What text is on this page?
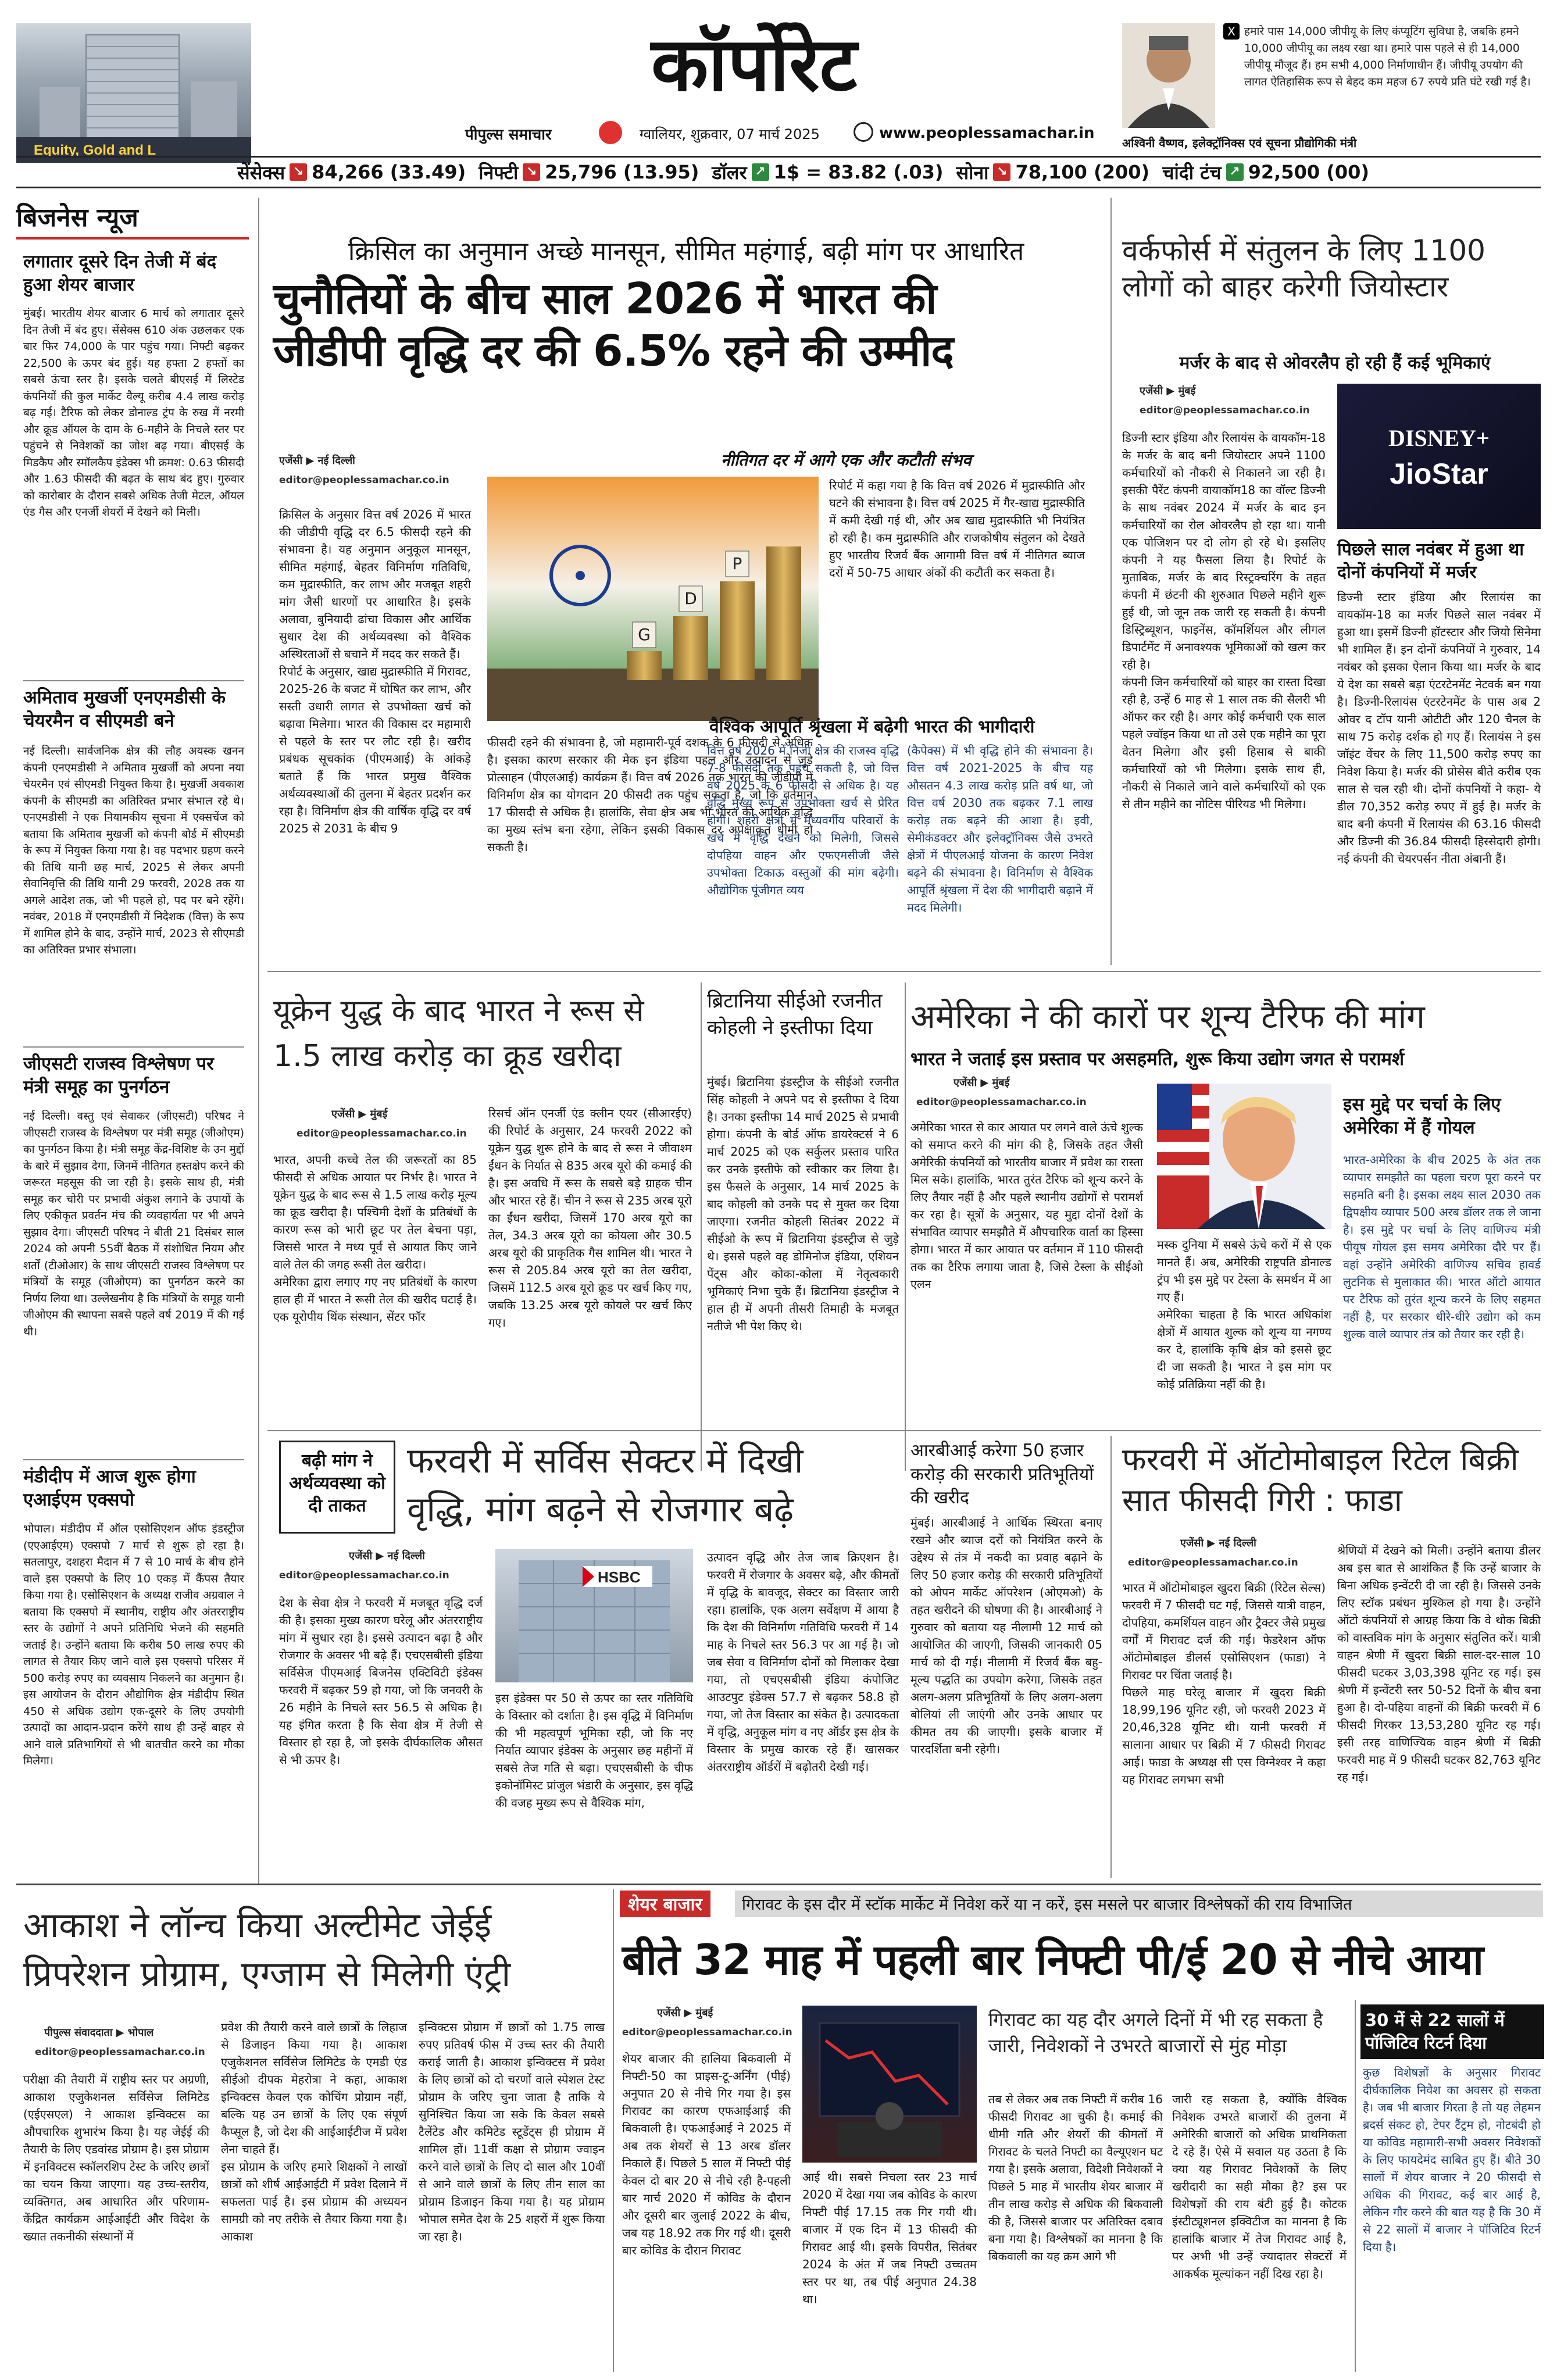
Equity, Gold and L
कॉर्पोरेट
पीपुल्स समाचार	ग्वालियर, शुक्रवार, 07 मार्च 2025	www.peoplessamachar.in
X हमारे पास 14,000 जीपीयू के लिए कंप्यूटिंग सुविधा है, जबकि हमने 10,000 जीपीयू का लक्ष्य रखा था। हमारे पास पहले से ही 14,000 जीपीयू मौजूद हैं। हम सभी 4,000 निर्माणाधीन हैं। जीपीयू उपयोग की लागत ऐतिहासिक रूप से बेहद कम महज 67 रुपये प्रति घंटे रखी गई है।
अश्विनी वैष्णव, इलेक्ट्रॉनिक्स एवं सूचना प्रौद्योगिकी मंत्री
सेंसेक्स ↘ 84,266 (33.49) निफ्टी ↘ 25,796 (13.95) डॉलर ↗ 1$ = 83.82 (.03) सोना ↘ 78,100 (200) चांदी टंच ↗ 92,500 (00)
बिजनेस न्यूज
लगातार दूसरे दिन तेजी में बंद हुआ शेयर बाजार
मुंबई। भारतीय शेयर बाजार 6 मार्च को लगातार दूसरे दिन तेजी में बंद हुए। सेंसेक्स 610 अंक उछलकर एक बार फिर 74,000 के पार पहुंच गया। निफ्टी बढ़कर 22,500 के ऊपर बंद हुई। यह हफ्ता 2 हफ्तों का सबसे ऊंचा स्तर है। इसके चलते बीएसई में लिस्टेड कंपनियों की कुल मार्केट वैल्यू करीब 4.4 लाख करोड़ बढ़ गई। टैरिफ को लेकर डोनाल्ड ट्रंप के रुख में नरमी और क्रूड ऑयल के दाम के 6-महीने के निचले स्तर पर पहुंचने से निवेशकों का जोश बढ़ गया। बीएसई के मिडकैप और स्मॉलकैप इंडेक्स भी क्रमश: 0.63 फीसदी और 1.63 फीसदी की बढ़त के साथ बंद हुए। गुरुवार को कारोबार के दौरान सबसे अधिक तेजी मेटल, ऑयल एंड गैस और एनर्जी शेयरों में देखने को मिली।
अमिताव मुखर्जी एनएमडीसी के चेयरमैन व सीएमडी बने
नई दिल्ली। सार्वजनिक क्षेत्र की लौह अयस्क खनन कंपनी एनएमडीसी ने अमिताव मुखर्जी को अपना नया चेयरमैन एवं सीएमडी नियुक्त किया है। मुखर्जी अवकाश कंपनी के सीएमडी का अतिरिक्त प्रभार संभाल रहे थे। एनएमडीसी ने एक नियामकीय सूचना में एक्सचेंज को बताया कि अमिताव मुखर्जी को कंपनी बोर्ड में सीएमडी के रूप में नियुक्त किया गया है। वह पदभार ग्रहण करने की तिथि यानी छह मार्च, 2025 से लेकर अपनी सेवानिवृत्ति की तिथि यानी 29 फरवरी, 2028 तक या अगले आदेश तक, जो भी पहले हो, पद पर बने रहेंगे। नवंबर, 2018 में एनएमडीसी में निदेशक (वित्त) के रूप में शामिल होने के बाद, उन्होंने मार्च, 2023 से सीएमडी का अतिरिक्त प्रभार संभाला।
जीएसटी राजस्व विश्लेषण पर मंत्री समूह का पुनर्गठन
नई दिल्ली। वस्तु एवं सेवाकर (जीएसटी) परिषद ने जीएसटी राजस्व के विश्लेषण पर मंत्री समूह (जीओएम) का पुनर्गठन किया है। मंत्री समूह केंद्र-विशिष्ट के उन मुद्दों के बारे में सुझाव देगा, जिनमें नीतिगत हस्तक्षेप करने की जरूरत महसूस की जा रही है। इसके साथ ही, मंत्री समूह कर चोरी पर प्रभावी अंकुश लगाने के उपायों के लिए एकीकृत प्रवर्तन मंच की व्यवहार्यता पर भी अपने सुझाव देगा। जीएसटी परिषद ने बीती 21 दिसंबर साल 2024 को अपनी 55वीं बैठक में संशोधित नियम और शर्तों (टीओआर) के साथ जीएसटी राजस्व विश्लेषण पर मंत्रियों के समूह (जीओएम) का पुनर्गठन करने का निर्णय लिया था। उल्लेखनीय है कि मंत्रियों के समूह यानी जीओएम की स्थापना सबसे पहले वर्ष 2019 में की गई थी।
मंडीदीप में आज शुरू होगा एआईएम एक्सपो
भोपाल। मंडीदीप में ऑल एसोसिएशन ऑफ इंडस्ट्रीज (एएआईएम) एक्सपो 7 मार्च से शुरू हो रहा है। सतलापुर, दशहरा मैदान में 7 से 10 मार्च के बीच होने वाले इस एक्सपो के लिए 10 एकड़ में कैंपस तैयार किया गया है। एसोसिएशन के अध्यक्ष राजीव अग्रवाल ने बताया कि एक्सपो में स्थानीय, राष्ट्रीय और अंतरराष्ट्रीय स्तर के उद्योगों ने अपने प्रतिनिधि भेजने की सहमति जताई है। उन्होंने बताया कि करीब 50 लाख रुपए की लागत से तैयार किए जाने वाले इस एक्सपो परिसर में 500 करोड़ रुपए का व्यवसाय निकलने का अनुमान है। इस आयोजन के दौरान औद्योगिक क्षेत्र मंडीदीप स्थित 450 से अधिक उद्योग एक-दूसरे के लिए उपयोगी उत्पादों का आदान-प्रदान करेंगे साथ ही उन्हें बाहर से आने वाले प्रतिभागियों से भी बातचीत करने का मौका मिलेगा।
क्रिसिल का अनुमान अच्छे मानसून, सीमित महंगाई, बढ़ी मांग पर आधारित
चुनौतियों के बीच साल 2026 में भारत की
जीडीपी वृद्धि दर की 6.5% रहने की उम्मीद
एजेंसी ▶ नई दिल्ली
editor@peoplessamachar.co.in
क्रिसिल के अनुसार वित्त वर्ष 2026 में भारत की जीडीपी वृद्धि दर 6.5 फीसदी रहने की संभावना है। यह अनुमान अनुकूल मानसून, सीमित महंगाई, बेहतर विनिर्माण गतिविधि, कम मुद्रास्फीति, कर लाभ और मजबूत शहरी मांग जैसी धारणों पर आधारित है। इसके अलावा, बुनियादी ढांचा विकास और आर्थिक सुधार देश की अर्थव्यवस्था को वैश्विक अस्थिरताओं से बचाने में मदद कर सकते हैं।
रिपोर्ट के अनुसार, खाद्य मुद्रास्फीति में गिरावट, 2025-26 के बजट में घोषित कर लाभ, और सस्ती उधारी लागत से उपभोक्ता खर्च को बढ़ावा मिलेगा। भारत की विकास दर महामारी से पहले के स्तर पर लौट रही है। खरीद प्रबंधक सूचकांक (पीएमआई) के आंकड़े बताते हैं कि भारत प्रमुख वैश्विक अर्थव्यवस्थाओं की तुलना में बेहतर प्रदर्शन कर रहा है। विनिर्माण क्षेत्र की वार्षिक वृद्धि दर वर्ष 2025 से 2031 के बीच 9
नीतिगत दर में आगे एक और कटौती संभव
G
D
P
फीसदी रहने की संभावना है, जो महामारी-पूर्व दशक के 6 फीसदी से अधिक है। इसका कारण सरकार की मेक इन इंडिया पहल और उत्पादन से जुड़े प्रोत्साहन (पीएलआई) कार्यक्रम हैं। वित्त वर्ष 2026 तक भारत की जीडीपी में विनिर्माण क्षेत्र का योगदान 20 फीसदी तक पहुंच सकता है, जो कि वर्तमान 17 फीसदी से अधिक है। हालांकि, सेवा क्षेत्र अब भी भारत की आर्थिक वृद्धि का मुख्य स्तंभ बना रहेगा, लेकिन इसकी विकास दर अपेक्षाकृत धीमी हो सकती है।
रिपोर्ट में कहा गया है कि वित्त वर्ष 2026 में मुद्रास्फीति और घटने की संभावना है। वित्त वर्ष 2025 में गैर-खाद्य मुद्रास्फीति में कमी देखी गई थी, और अब खाद्य मुद्रास्फीति भी नियंत्रित हो रही है। कम मुद्रास्फीति और राजकोषीय संतुलन को देखते हुए भारतीय रिजर्व बैंक आगामी वित्त वर्ष में नीतिगत ब्याज दरों में 50-75 आधार अंकों की कटौती कर सकता है।
वैश्विक आपूर्ति श्रृंखला में बढ़ेगी भारत की भागीदारी
वित्त वर्ष 2026 में निजी क्षेत्र की राजस्व वृद्धि 7-8 फीसदी तक पहुंच सकती है, जो वित्त वर्ष 2025 के 6 फीसदी से अधिक है। यह वृद्धि मुख्य रूप से उपभोक्ता खर्च से प्रेरित होगी। शहरी क्षेत्रों में मध्यवर्गीय परिवारों के खर्च में वृद्धि देखने को मिलेगी, जिससे दोपहिया वाहन और एफएमसीजी जैसे उपभोक्ता टिकाऊ वस्तुओं की मांग बढ़ेगी। औद्योगिक पूंजीगत व्यय
(कैपेक्स) में भी वृद्धि होने की संभावना है। वित्त वर्ष 2021-2025 के बीच यह औसतन 4.3 लाख करोड़ प्रति वर्ष था, जो वित्त वर्ष 2030 तक बढ़कर 7.1 लाख करोड़ तक बढ़ने की आशा है। इवी, सेमीकंडक्टर और इलेक्ट्रॉनिक्स जैसे उभरते क्षेत्रों में पीएलआई योजना के कारण निवेश बढ़ने की संभावना है। विनिर्माण से वैश्विक आपूर्ति श्रृंखला में देश की भागीदारी बढ़ाने में मदद मिलेगी।
वर्कफोर्स में संतुलन के लिए 1100 लोगों को बाहर करेगी जियोस्टार
मर्जर के बाद से ओवरलैप हो रही हैं कई भूमिकाएं
एजेंसी ▶ मुंबई
editor@peoplessamachar.co.in
डिज्नी स्टार इंडिया और रिलायंस के वायकॉम-18 के मर्जर के बाद बनी जियोस्टार अपने 1100 कर्मचारियों को नौकरी से निकालने जा रही है। इसकी पैरेंट कंपनी वायाकॉम18 का वॉल्ट डिज्नी के साथ नवंबर 2024 में मर्जर के बाद इन कर्मचारियों का रोल ओवरलैप हो रहा था। यानी एक पोजिशन पर दो लोग हो रहे थे। इसलिए कंपनी ने यह फैसला लिया है। रिपोर्ट के मुताबिक, मर्जर के बाद रिस्ट्रक्चरिंग के तहत कंपनी में छंटनी की शुरुआत पिछले महीने शुरू हुई थी, जो जून तक जारी रह सकती है। कंपनी डिस्ट्रिब्यूशन, फाइनेंस, कॉमर्शियल और लीगल डिपार्टमेंट में अनावश्यक भूमिकाओं को खत्म कर रही है।
कंपनी जिन कर्मचारियों को बाहर का रास्ता दिखा रही है, उन्हें 6 माह से 1 साल तक की सैलरी भी ऑफर कर रही है। अगर कोई कर्मचारी एक साल पहले ज्वॉइन किया था तो उसे एक महीने का पूरा वेतन मिलेगा और इसी हिसाब से बाकी कर्मचारियों को भी मिलेगा। इसके साथ ही, नौकरी से निकाले जाने वाले कर्मचारियों को एक से तीन महीने का नोटिस पीरियड भी मिलेगा।
DISNEY+
JioStar
पिछले साल नवंबर में हुआ था दोनों कंपनियों में मर्जर
डिज्नी स्टार इंडिया और रिलायंस का वायकॉम-18 का मर्जर पिछले साल नवंबर में हुआ था। इसमें डिज्नी हॉटस्टार और जियो सिनेमा भी शामिल हैं। इन दोनों कंपनियों ने गुरुवार, 14 नवंबर को इसका ऐलान किया था। मर्जर के बाद ये देश का सबसे बड़ा एंटरटेनमेंट नेटवर्क बन गया है। डिज्नी-रिलायंस एंटरटेनमेंट के पास अब 2 ओवर द टॉप यानी ओटीटी और 120 चैनल के साथ 75 करोड़ दर्शक हो गए हैं। रिलायंस ने इस जॉइंट वेंचर के लिए 11,500 करोड़ रुपए का निवेश किया है। मर्जर की प्रोसेस बीते करीब एक साल से चल रही थी। दोनों कंपनियों ने कहा- ये डील 70,352 करोड़ रुपए में हुई है। मर्जर के बाद बनी कंपनी में रिलायंस की 63.16 फीसदी और डिज्नी की 36.84 फीसदी हिस्सेदारी होगी। नई कंपनी की चेयरपर्सन नीता अंबानी हैं।
यूक्रेन युद्ध के बाद भारत ने रूस से 1.5 लाख करोड़ का क्रूड खरीदा
एजेंसी ▶ मुंबई
editor@peoplessamachar.co.in
भारत, अपनी कच्चे तेल की जरूरतों का 85 फीसदी से अधिक आयात पर निर्भर है। भारत ने यूक्रेन युद्ध के बाद रूस से 1.5 लाख करोड़ मूल्य का क्रूड खरीदा है। पश्चिमी देशों के प्रतिबंधों के कारण रूस को भारी छूट पर तेल बेचना पड़ा, जिससे भारत ने मध्य पूर्व से आयात किए जाने वाले तेल की जगह रूसी तेल खरीदा।
अमेरिका द्वारा लगाए गए नए प्रतिबंधों के कारण हाल ही में भारत ने रूसी तेल की खरीद घटाई है। एक यूरोपीय थिंक संस्थान, सेंटर फॉर
रिसर्च ऑन एनर्जी एंड क्लीन एयर (सीआरईए) की रिपोर्ट के अनुसार, 24 फरवरी 2022 को यूक्रेन युद्ध शुरू होने के बाद से रूस ने जीवाश्म ईंधन के निर्यात से 835 अरब यूरो की कमाई की है। इस अवधि में रूस के सबसे बड़े ग्राहक चीन और भारत रहे हैं। चीन ने रूस से 235 अरब यूरो का ईंधन खरीदा, जिसमें 170 अरब यूरो का तेल, 34.3 अरब यूरो का कोयला और 30.5 अरब यूरो की प्राकृतिक गैस शामिल थी। भारत ने रूस से 205.84 अरब यूरो का तेल खरीदा, जिसमें 112.5 अरब यूरो क्रूड पर खर्च किए गए, जबकि 13.25 अरब यूरो कोयले पर खर्च किए गए।
ब्रिटानिया सीईओ रजनीत कोहली ने इस्तीफा दिया
मुंबई। ब्रिटानिया इंडस्ट्रीज के सीईओ रजनीत सिंह कोहली ने अपने पद से इस्तीफा दे दिया है। उनका इस्तीफा 14 मार्च 2025 से प्रभावी होगा। कंपनी के बोर्ड ऑफ डायरेक्टर्स ने 6 मार्च 2025 को एक सर्कुलर प्रस्ताव पारित कर उनके इस्तीफे को स्वीकार कर लिया है। इस फैसले के अनुसार, 14 मार्च 2025 के बाद कोहली को उनके पद से मुक्त कर दिया जाएगा। रजनीत कोहली सितंबर 2022 में सीईओ के रूप में ब्रिटानिया इंडस्ट्रीज से जुड़े थे। इससे पहले वह डोमिनोज इंडिया, एशियन पेंट्स और कोका-कोला में नेतृत्वकारी भूमिकाएं निभा चुके हैं। ब्रिटानिया इंडस्ट्रीज ने हाल ही में अपनी तीसरी तिमाही के मजबूत नतीजे भी पेश किए थे।
अमेरिका ने की कारों पर शून्य टैरिफ की मांग
भारत ने जताई इस प्रस्ताव पर असहमति, शुरू किया उद्योग जगत से परामर्श
एजेंसी ▶ मुंबई
editor@peoplessamachar.co.in
अमेरिका भारत से कार आयात पर लगने वाले ऊंचे शुल्क को समाप्त करने की मांग की है, जिसके तहत जैसी अमेरिकी कंपनियों को भारतीय बाजार में प्रवेश का रास्ता मिल सके। हालांकि, भारत तुरंत टैरिफ को शून्य करने के लिए तैयार नहीं है और पहले स्थानीय उद्योगों से परामर्श कर रहा है। सूत्रों के अनुसार, यह मुद्दा दोनों देशों के संभावित व्यापार समझौते में औपचारिक वार्ता का हिस्सा होगा। भारत में कार आयात पर वर्तमान में 110 फीसदी तक का टैरिफ लगाया जाता है, जिसे टेस्ला के सीईओ एलन
मस्क दुनिया में सबसे ऊंचे करों में से एक मानते हैं। अब, अमेरिकी राष्ट्रपति डोनाल्ड ट्रंप भी इस मुद्दे पर टेस्ला के समर्थन में आ गए हैं।
अमेरिका चाहता है कि भारत अधिकांश क्षेत्रों में आयात शुल्क को शून्य या नगण्य कर दे, हालांकि कृषि क्षेत्र को इससे छूट दी जा सकती है। भारत ने इस मांग पर कोई प्रतिक्रिया नहीं की है।
इस मुद्दे पर चर्चा के लिए अमेरिका में हैं गोयल
भारत-अमेरिका के बीच 2025 के अंत तक व्यापार समझौते का पहला चरण पूरा करने पर सहमति बनी है। इसका लक्ष्य साल 2030 तक द्विपक्षीय व्यापार 500 अरब डॉलर तक ले जाना है। इस मुद्दे पर चर्चा के लिए वाणिज्य मंत्री पीयूष गोयल इस समय अमेरिका दौरे पर हैं। वहां उन्होंने अमेरिकी वाणिज्य सचिव हावर्ड लुटनिक से मुलाकात की। भारत ऑटो आयात पर टैरिफ को तुरंत शून्य करने के लिए सहमत नहीं है, पर सरकार धीरे-धीरे उद्योग को कम शुल्क वाले व्यापार तंत्र को तैयार कर रही है।
बढ़ी मांग ने अर्थव्यवस्था को दी ताकत
फरवरी में सर्विस सेक्टर में दिखी
वृद्धि, मांग बढ़ने से रोजगार बढ़े
एजेंसी ▶ नई दिल्ली
editor@peoplessamachar.co.in
देश के सेवा क्षेत्र ने फरवरी में मजबूत वृद्धि दर्ज की है। इसका मुख्य कारण घरेलू और अंतरराष्ट्रीय मांग में सुधार रहा है। इससे उत्पादन बढ़ा है और रोजगार के अवसर भी बढ़े हैं। एचएसबीसी इंडिया सर्विसेज पीएमआई बिजनेस एक्टिविटी इंडेक्स फरवरी में बढ़कर 59 हो गया, जो कि जनवरी के 26 महीने के निचले स्तर 56.5 से अधिक है। यह इंगित करता है कि सेवा क्षेत्र में तेजी से विस्तार हो रहा है, जो इसके दीर्घकालिक औसत से भी ऊपर है।
HSBC
इस इंडेक्स पर 50 से ऊपर का स्तर गतिविधि के विस्तार को दर्शाता है। इस वृद्धि में विनिर्माण की भी महत्वपूर्ण भूमिका रही, जो कि नए निर्यात व्यापार इंडेक्स के अनुसार छह महीनों में सबसे तेज गति से बढ़ा। एचएसबीसी के चीफ इकोनॉमिस्ट प्रांजुल भंडारी के अनुसार, इस वृद्धि की वजह मुख्य रूप से वैश्विक मांग,
उत्पादन वृद्धि और तेज जाब क्रिएशन है। फरवरी में रोजगार के अवसर बढ़े, और कीमतों में वृद्धि के बावजूद, सेक्टर का विस्तार जारी रहा। हालांकि, एक अलग सर्वेक्षण में आया है कि देश की विनिर्माण गतिविधि फरवरी में 14 माह के निचले स्तर 56.3 पर आ गई है। जो जब सेवा व विनिर्माण दोनों को मिलाकर देखा गया, तो एचएसबीसी इंडिया कंपोजिट आउटपुट इंडेक्स 57.7 से बढ़कर 58.8 हो गया, जो तेज विस्तार का संकेत है। उत्पादकता में वृद्धि, अनुकूल मांग व नए ऑर्डर इस क्षेत्र के विस्तार के प्रमुख कारक रहे हैं। खासकर अंतरराष्ट्रीय ऑर्डरों में बढ़ोतरी देखी गई।
आरबीआई करेगा 50 हजार करोड़ की सरकारी प्रतिभूतियों की खरीद
मुंबई। आरबीआई ने आर्थिक स्थिरता बनाए रखने और ब्याज दरों को नियंत्रित करने के उद्देश्य से तंत्र में नकदी का प्रवाह बढ़ाने के लिए 50 हजार करोड़ की सरकारी प्रतिभूतियों को ओपन मार्केट ऑपरेशन (ओएमओ) के तहत खरीदने की घोषणा की है। आरबीआई ने गुरुवार को बताया यह नीलामी 12 मार्च को आयोजित की जाएगी, जिसकी जानकारी 05 मार्च को दी गई। नीलामी में रिजर्व बैंक बहु-मूल्य पद्धति का उपयोग करेगा, जिसके तहत अलग-अलग प्रतिभूतियों के लिए अलग-अलग बोलियां ली जाएंगी और उनके आधार पर कीमत तय की जाएगी। इसके बाजार में पारदर्शिता बनी रहेगी।
फरवरी में ऑटोमोबाइल रिटेल बिक्री सात फीसदी गिरी : फाडा
एजेंसी ▶ नई दिल्ली
editor@peoplessamachar.co.in
भारत में ऑटोमोबाइल खुदरा बिक्री (रिटेल सेल्स) फरवरी में 7 फीसदी घट गई, जिससे यात्री वाहन, दोपहिया, कमर्शियल वाहन और ट्रैक्टर जैसे प्रमुख वर्गों में गिरावट दर्ज की गई। फेडरेशन ऑफ ऑटोमोबाइल डीलर्स एसोसिएशन (फाडा) ने गिरावट पर चिंता जताई है।
पिछले माह घरेलू बाजार में खुदरा बिक्री 18,99,196 यूनिट रही, जो फरवरी 2023 में 20,46,328 यूनिट थी। यानी फरवरी में सालाना आधार पर बिक्री में 7 फीसदी गिरावट आई। फाडा के अध्यक्ष सी एस विग्नेश्वर ने कहा यह गिरावट लगभग सभी
श्रेणियों में देखने को मिली। उन्होंने बताया डीलर अब इस बात से आशंकित हैं कि उन्हें बाजार के बिना अधिक इन्वेंटरी दी जा रही है। जिससे उनके लिए स्टॉक प्रबंधन मुश्किल हो गया है। उन्होंने ऑटो कंपनियों से आग्रह किया कि वे थोक बिक्री को वास्तविक मांग के अनुसार संतुलित करें। यात्री वाहन श्रेणी में खुदरा बिक्री साल-दर-साल 10 फीसदी घटकर 3,03,398 यूनिट रह गई। इस श्रेणी में इन्वेंटरी स्तर 50-52 दिनों के बीच बना हुआ है। दो-पहिया वाहनों की बिक्री फरवरी में 6 फीसदी गिरकर 13,53,280 यूनिट रह गई। इसी तरह वाणिज्यिक वाहन श्रेणी में बिक्री फरवरी माह में 9 फीसदी घटकर 82,763 यूनिट रह गई।
आकाश ने लॉन्च किया अल्टीमेट जेईई प्रिपरेशन प्रोग्राम, एग्जाम से मिलेगी एंट्री
पीपुल्स संवाददाता ▶ भोपाल
editor@peoplessamachar.co.in
परीक्षा की तैयारी में राष्ट्रीय स्तर पर अग्रणी, आकाश एजुकेशनल सर्विसेज लिमिटेड (एईएसएल) ने आकाश इन्विक्टस का औपचारिक शुभारंभ किया है। यह जेईई की तैयारी के लिए एडवांस्ड प्रोग्राम है। इस प्रोग्राम में इनविक्टस स्कॉलरशिप टेस्ट के जरिए छात्रों का चयन किया जाएगा। यह उच्च-स्तरीय, व्यक्तिगत, अब आधारित और परिणाम-केंद्रित कार्यक्रम आईआईटी और विदेश के ख्यात तकनीकी संस्थानों में
प्रवेश की तैयारी करने वाले छात्रों के लिहाज से डिजाइन किया गया है। आकाश एजुकेशनल सर्विसेज लिमिटेड के एमडी एंड सीईओ दीपक मेहरोत्रा ने कहा, आकाश इन्विक्टस केवल एक कोचिंग प्रोग्राम नहीं, बल्कि यह उन छात्रों के लिए एक संपूर्ण कैप्सूल है, जो देश की आईआईटीज में प्रवेश लेना चाहते हैं।
इस प्रोग्राम के जरिए हमारे शिक्षकों ने लाखों छात्रों को शीर्ष आईआईटी में प्रवेश दिलाने में सफलता पाई है। इस प्रोग्राम की अध्ययन सामग्री को नए तरीके से तैयार किया गया है। आकाश
इन्विक्टस प्रोग्राम में छात्रों को 1.75 लाख रुपए प्रतिवर्ष फीस में उच्च स्तर की तैयारी कराई जाती है। आकाश इन्विक्टस में प्रवेश के लिए छात्रों को दो चरणों वाले स्पेशल टेस्ट प्रोग्राम के जरिए चुना जाता है ताकि ये सुनिश्चित किया जा सके कि केवल सबसे टैलेंटेड और कमिटेड स्टूडेंट्स ही प्रोग्राम में शामिल हों। 11वीं कक्षा से प्रोग्राम ज्वाइन करने वाले छात्रों के लिए दो साल और 10वीं से आने वाले छात्रों के लिए तीन साल का प्रोग्राम डिजाइन किया गया है। यह प्रोग्राम भोपाल समेत देश के 25 शहरों में शुरू किया जा रहा है।
शेयर बाजार	गिरावट के इस दौर में स्टॉक मार्केट में निवेश करें या न करें, इस मसले पर बाजार विश्लेषकों की राय विभाजित
बीते 32 माह में पहली बार निफ्टी पी/ई 20 से नीचे आया
एजेंसी ▶ मुंबई
editor@peoplessamachar.co.in
शेयर बाजार की हालिया बिकवाली में निफ्टी-50 का प्राइस-टू-अर्निंग (पीई) अनुपात 20 से नीचे गिर गया है। इस गिरावट का कारण एफआईआई की बिकवाली है। एफआईआई ने 2025 में अब तक शेयरों से 13 अरब डॉलर निकाले हैं। पिछले 5 साल में निफ्टी पीई केवल दो बार 20 से नीचे रही है-पहली बार मार्च 2020 में कोविड के दौरान और दूसरी बार जुलाई 2022 के बीच, जब यह 18.92 तक गिर गई थी। दूसरी बार कोविड के दौरान गिरावट
आई थी। सबसे निचला स्तर 23 मार्च 2020 में देखा गया जब कोविड के कारण निफ्टी पीई 17.15 तक गिर गयी थी। बाजार में एक दिन में 13 फीसदी की गिरावट आई थी। इसके विपरीत, सितंबर 2024 के अंत में जब निफ्टी उच्चतम स्तर पर था, तब पीई अनुपात 24.38 था।
गिरावट का यह दौर अगले दिनों में भी रह सकता है जारी, निवेशकों ने उभरते बाजारों से मुंह मोड़ा
तब से लेकर अब तक निफ्टी में करीब 16 फीसदी गिरावट आ चुकी है। कमाई की धीमी गति और शेयरों की कीमतों में गिरावट के चलते निफ्टी का वैल्यूएशन घट गया है। इसके अलावा, विदेशी निवेशकों ने पिछले 5 माह में भारतीय शेयर बाजार में तीन लाख करोड़ से अधिक की बिकवाली की है, जिससे बाजार पर अतिरिक्त दबाव बना गया है। विश्लेषकों का मानना है कि बिकवाली का यह क्रम आगे भी
जारी रह सकता है, क्योंकि वैश्विक निवेशक उभरते बाजारों की तुलना में अमेरिकी बाजारों को अधिक प्राथमिकता दे रहे हैं। ऐसे में सवाल यह उठता है कि क्या यह गिरावट निवेशकों के लिए खरीदारी का सही मौका है? इस पर विशेषज्ञों की राय बंटी हुई है। कोटक इंस्टीट्यूशनल इक्विटीज का मानना है कि हालांकि बाजार में तेज गिरावट आई है, पर अभी भी उन्हें ज्यादातर सेक्टरों में आकर्षक मूल्यांकन नहीं दिख रहा है।
30 में से 22 सालों में पॉजिटिव रिटर्न दिया
कुछ विशेषज्ञों के अनुसार गिरावट दीर्घकालिक निवेश का अवसर हो सकता है। जब भी बाजार गिरता है तो यह लेहमन ब्रदर्स संकट हो, टेपर टैंट्रम हो, नोटबंदी हो या कोविड महामारी-सभी अवसर निवेशकों के लिए फायदेमंद साबित हुए हैं। बीते 30 सालों में शेयर बाजार ने 20 फीसदी से अधिक की गिरावट, कई बार आई है, लेकिन गौर करने की बात यह है कि 30 में से 22 सालों में बाजार ने पॉजिटिव रिटर्न दिया है।
